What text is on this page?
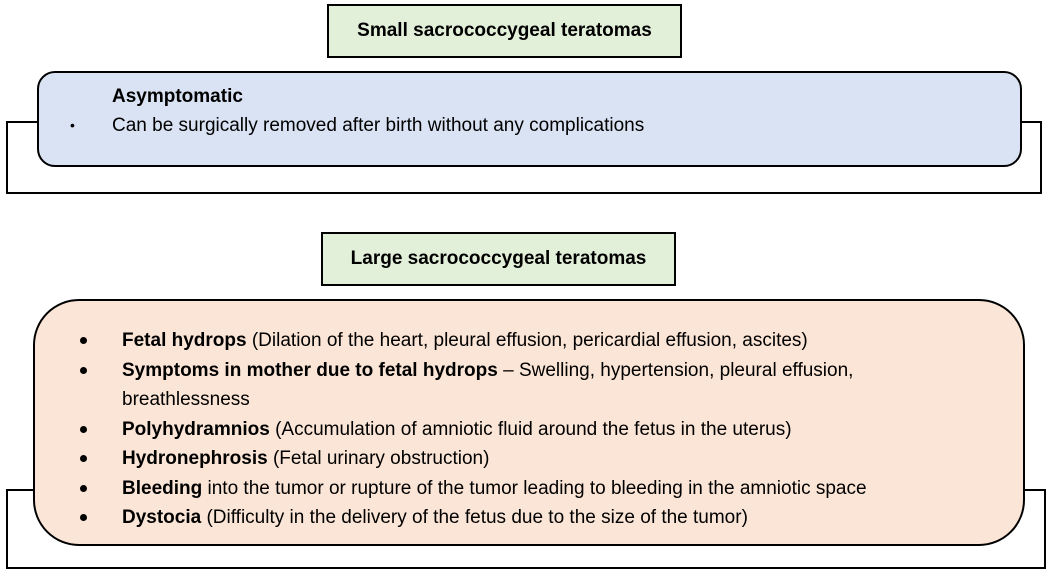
Small sacrococcygeal teratomas
Asymptomatic
• Can be surgically removed after birth without any complications
Large sacrococcygeal teratomas
Fetal hydrops (Dilation of the heart, pleural effusion, pericardial effusion, ascites)
Symptoms in mother due to fetal hydrops – Swelling, hypertension, pleural effusion,
breathlessness
Polyhydramnios (Accumulation of amniotic fluid around the fetus in the uterus)
Hydronephrosis (Fetal urinary obstruction)
Bleeding into the tumor or rupture of the tumor leading to bleeding in the amniotic space
Dystocia (Difficulty in the delivery of the fetus due to the size of the tumor)
